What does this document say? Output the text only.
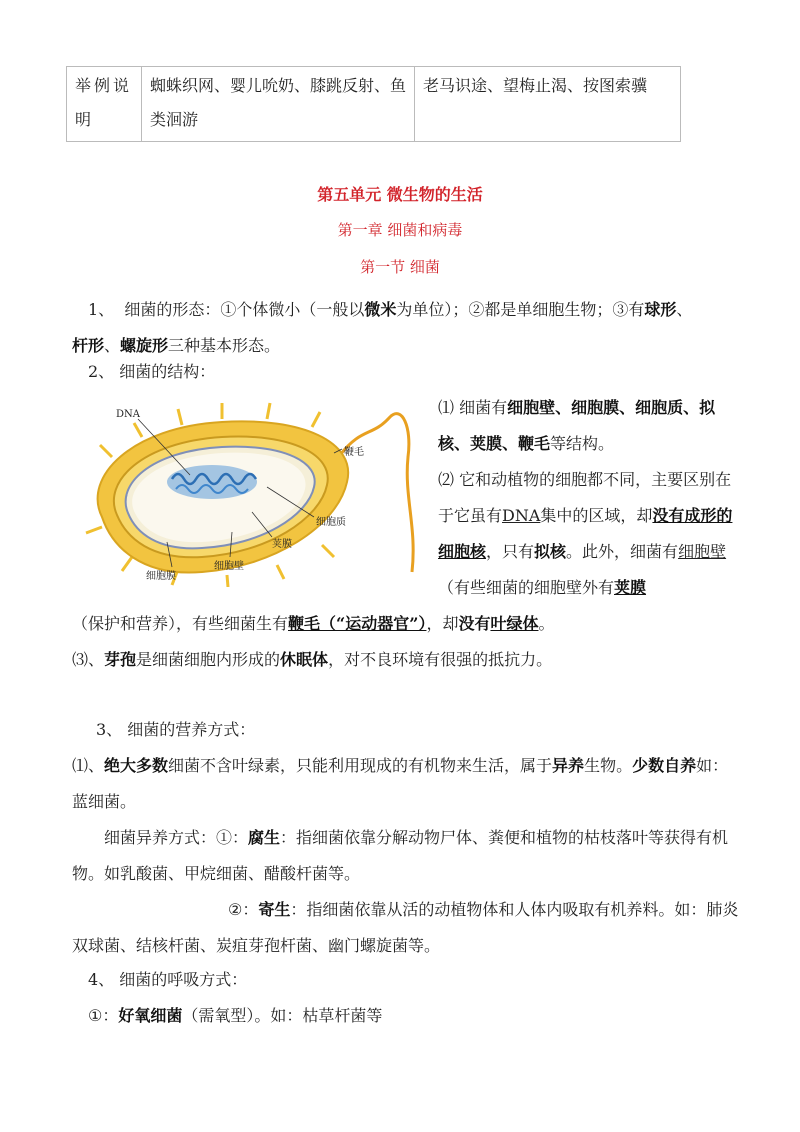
举例说明	蜘蛛织网、婴儿吮奶、膝跳反射、鱼类洄游	老马识途、望梅止渴、按图索骥
第五单元 微生物的生活
第一章 细菌和病毒
第一节 细菌

1、 细菌的形态：①个体微小（一般以微米为单位）；②都是单细胞生物；③有球形、

杆形、螺旋形三种基本形态。

2、 细菌的结构：

DNA
鞭毛
细胞质
荚膜
细胞壁
细胞膜

⑴ 细菌有细胞壁、细胞膜、细胞质、拟核、荚膜、鞭毛等结构。

⑵ 它和动植物的细胞都不同，主要区别在于它虽有DNA集中的区域，却没有成形的细胞核，只有拟核。此外，细菌有细胞壁（有些细菌的细胞壁外有荚膜

（保护和营养），有些细菌生有鞭毛（“运动器官”），却没有叶绿体。

⑶、芽孢是细菌细胞内形成的休眠体，对不良环境有很强的抵抗力。

3、 细菌的营养方式：

⑴、绝大多数细菌不含叶绿素，只能利用现成的有机物来生活，属于异养生物。少数自养如：蓝细菌。

细菌异养方式：①：腐生：指细菌依靠分解动物尸体、粪便和植物的枯枝落叶等获得有机物。如乳酸菌、甲烷细菌、醋酸杆菌等。

②：寄生：指细菌依靠从活的动植物体和人体内吸取有机养料。如：肺炎双球菌、结核杆菌、炭疽芽孢杆菌、幽门螺旋菌等。

4、 细菌的呼吸方式：

①：好氧细菌（需氧型）。如：枯草杆菌等
